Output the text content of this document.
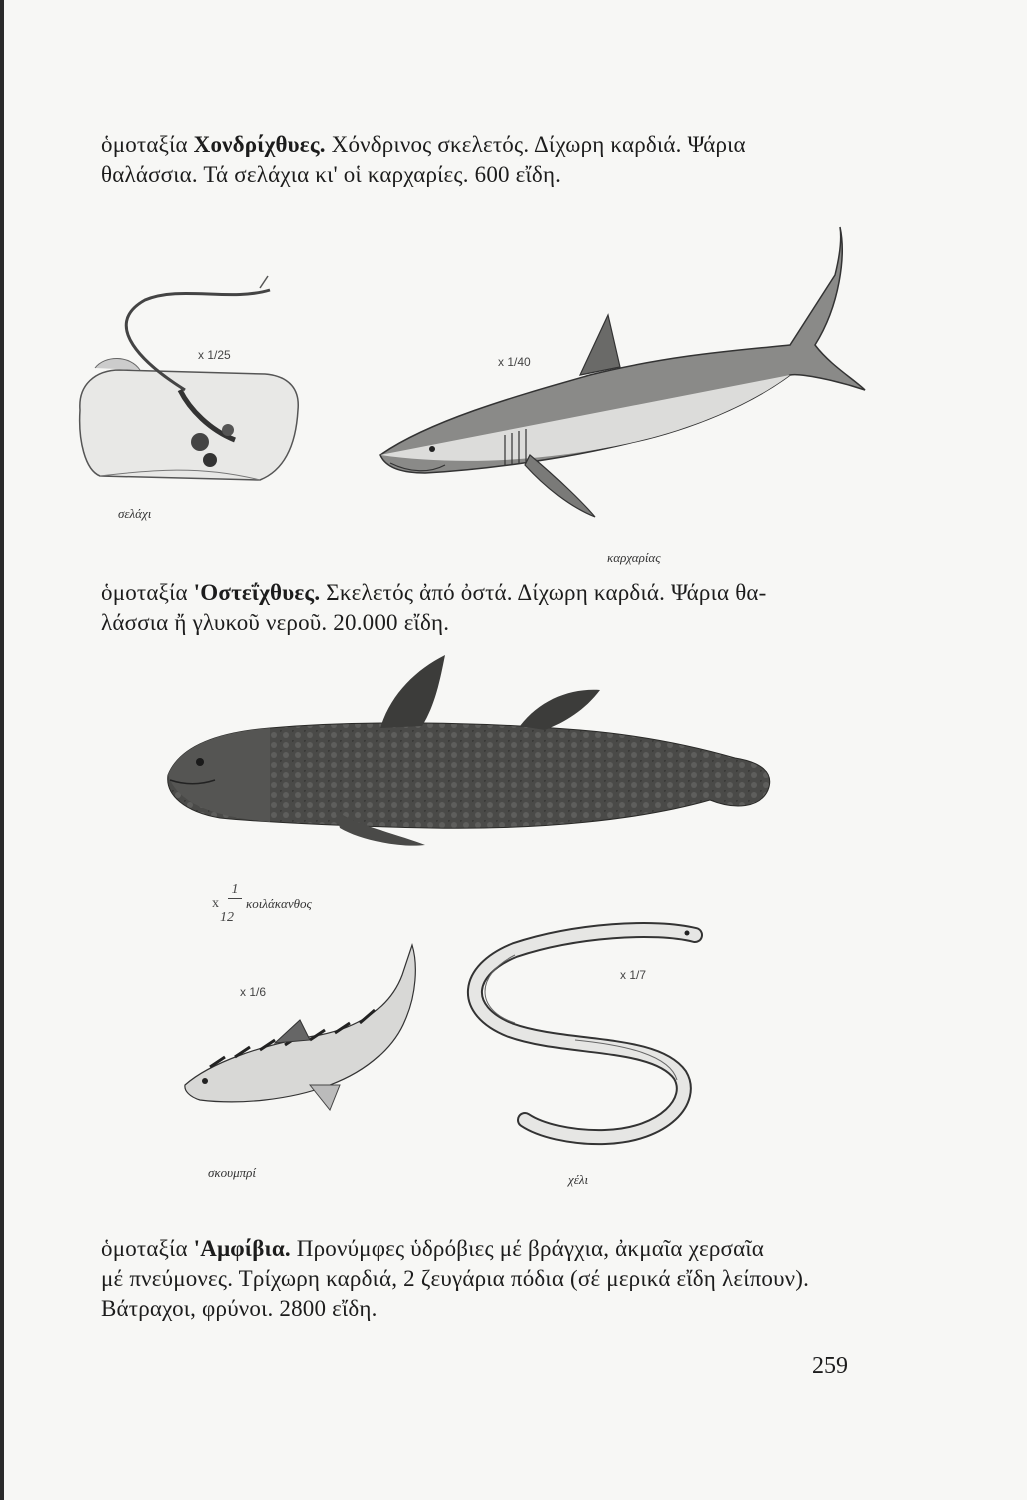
ὁμοταξία Χονδρίχθυες. Χόνδρινος σκελετός. Δίχωρη καρδιά. Ψάρια
θαλάσσια. Τά σελάχια κι' οἱ καρχαρίες. 600 εἴδη.
x 1/25
σελάχι
x 1/40
καρχαρίας
ὁμοταξία 'Οστεΐχθυες. Σκελετός ἀπό ὀστά. Δίχωρη καρδιά. Ψάρια θα-
λάσσια ἤ γλυκοῦ νεροῦ. 20.000 εἴδη.
x
1
12
κοιλάκανθος
x 1/6
σκουμπρί
x 1/7
χέλι
ὁμοταξία 'Αμφίβια. Προνύμφες ὑδρόβιες μέ βράγχια, ἀκμαῖα χερσαῖα
μέ πνεύμονες. Τρίχωρη καρδιά, 2 ζευγάρια πόδια (σέ μερικά εἴδη λείπουν).
Βάτραχοι, φρύνοι. 2800 εἴδη.
259
